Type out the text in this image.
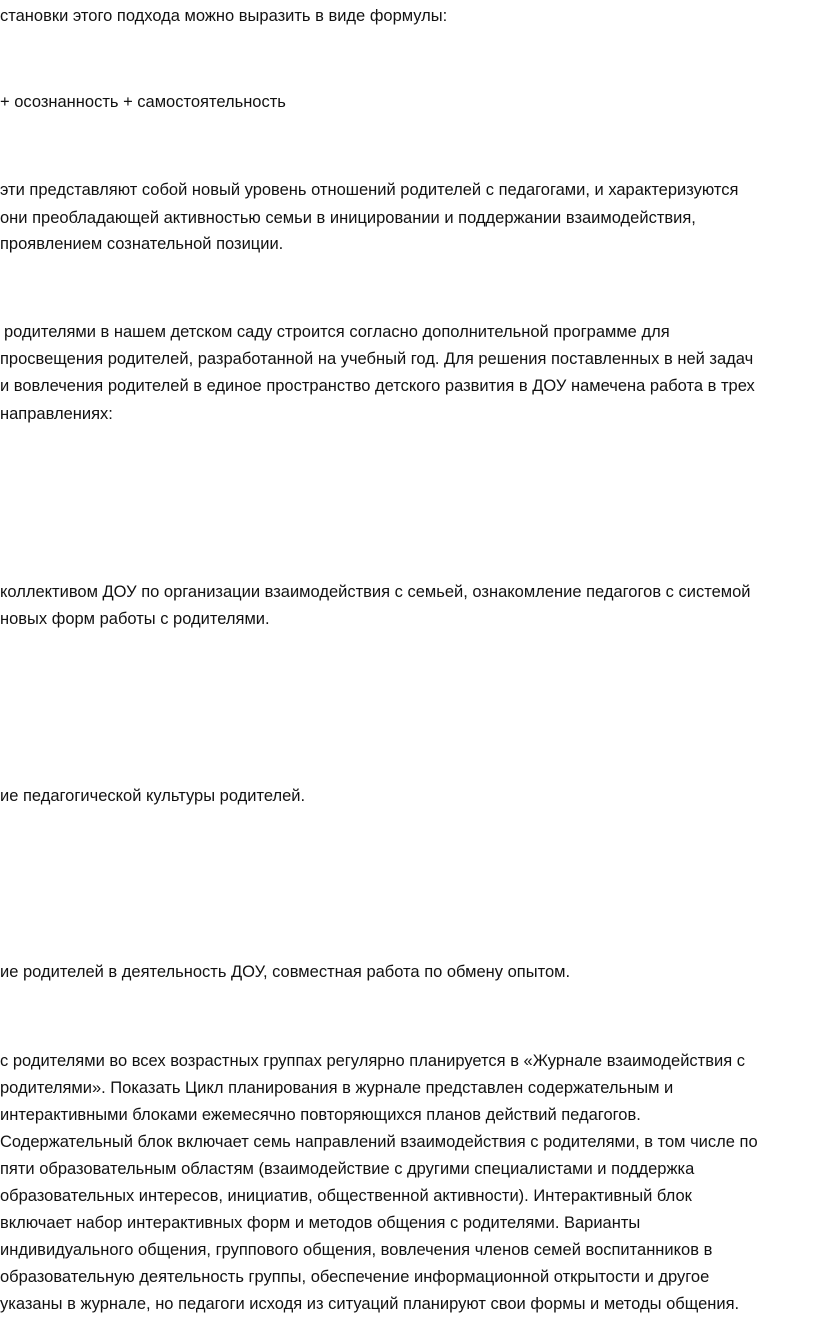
становки этого подхода можно выразить в виде формулы:
+ осознанность + самостоятельность
эти представляют собой новый уровень отношений родителей с педагогами, и характеризуются
они преобладающей активностью семьи в иницировании и поддержании взаимодействия,
проявлением сознательной позиции.
родителями в нашем детском саду строится согласно дополнительной программе для
просвещения родителей, разработанной на учебный год. Для решения поставленных в ней задач
и вовлечения родителей в единое пространство детского развития в ДОУ намечена работа в трех
направлениях:
коллективом ДОУ по организации взаимодействия с семьей, ознакомление педагогов с системой
новых форм работы с родителями.
ие педагогической культуры родителей.
ие родителей в деятельность ДОУ, совместная работа по обмену опытом.
с родителями во всех возрастных группах регулярно планируется в «Журнале взаимодействия с
родителями». Показать Цикл планирования в журнале представлен содержательным и
интерактивными блоками ежемесячно повторяющихся планов действий педагогов.
Содержательный блок включает семь направлений взаимодействия с родителями, в том числе по
пяти образовательным областям (взаимодействие с другими специалистами и поддержка
образовательных интересов, инициатив, общественной активности). Интерактивный блок
включает набор интерактивных форм и методов общения с родителями. Варианты
индивидуального общения, группового общения, вовлечения членов семей воспитанников в
образовательную деятельность группы, обеспечение информационной открытости и другое
указаны в журнале, но педагоги исходя из ситуаций планируют свои формы и методы общения.
